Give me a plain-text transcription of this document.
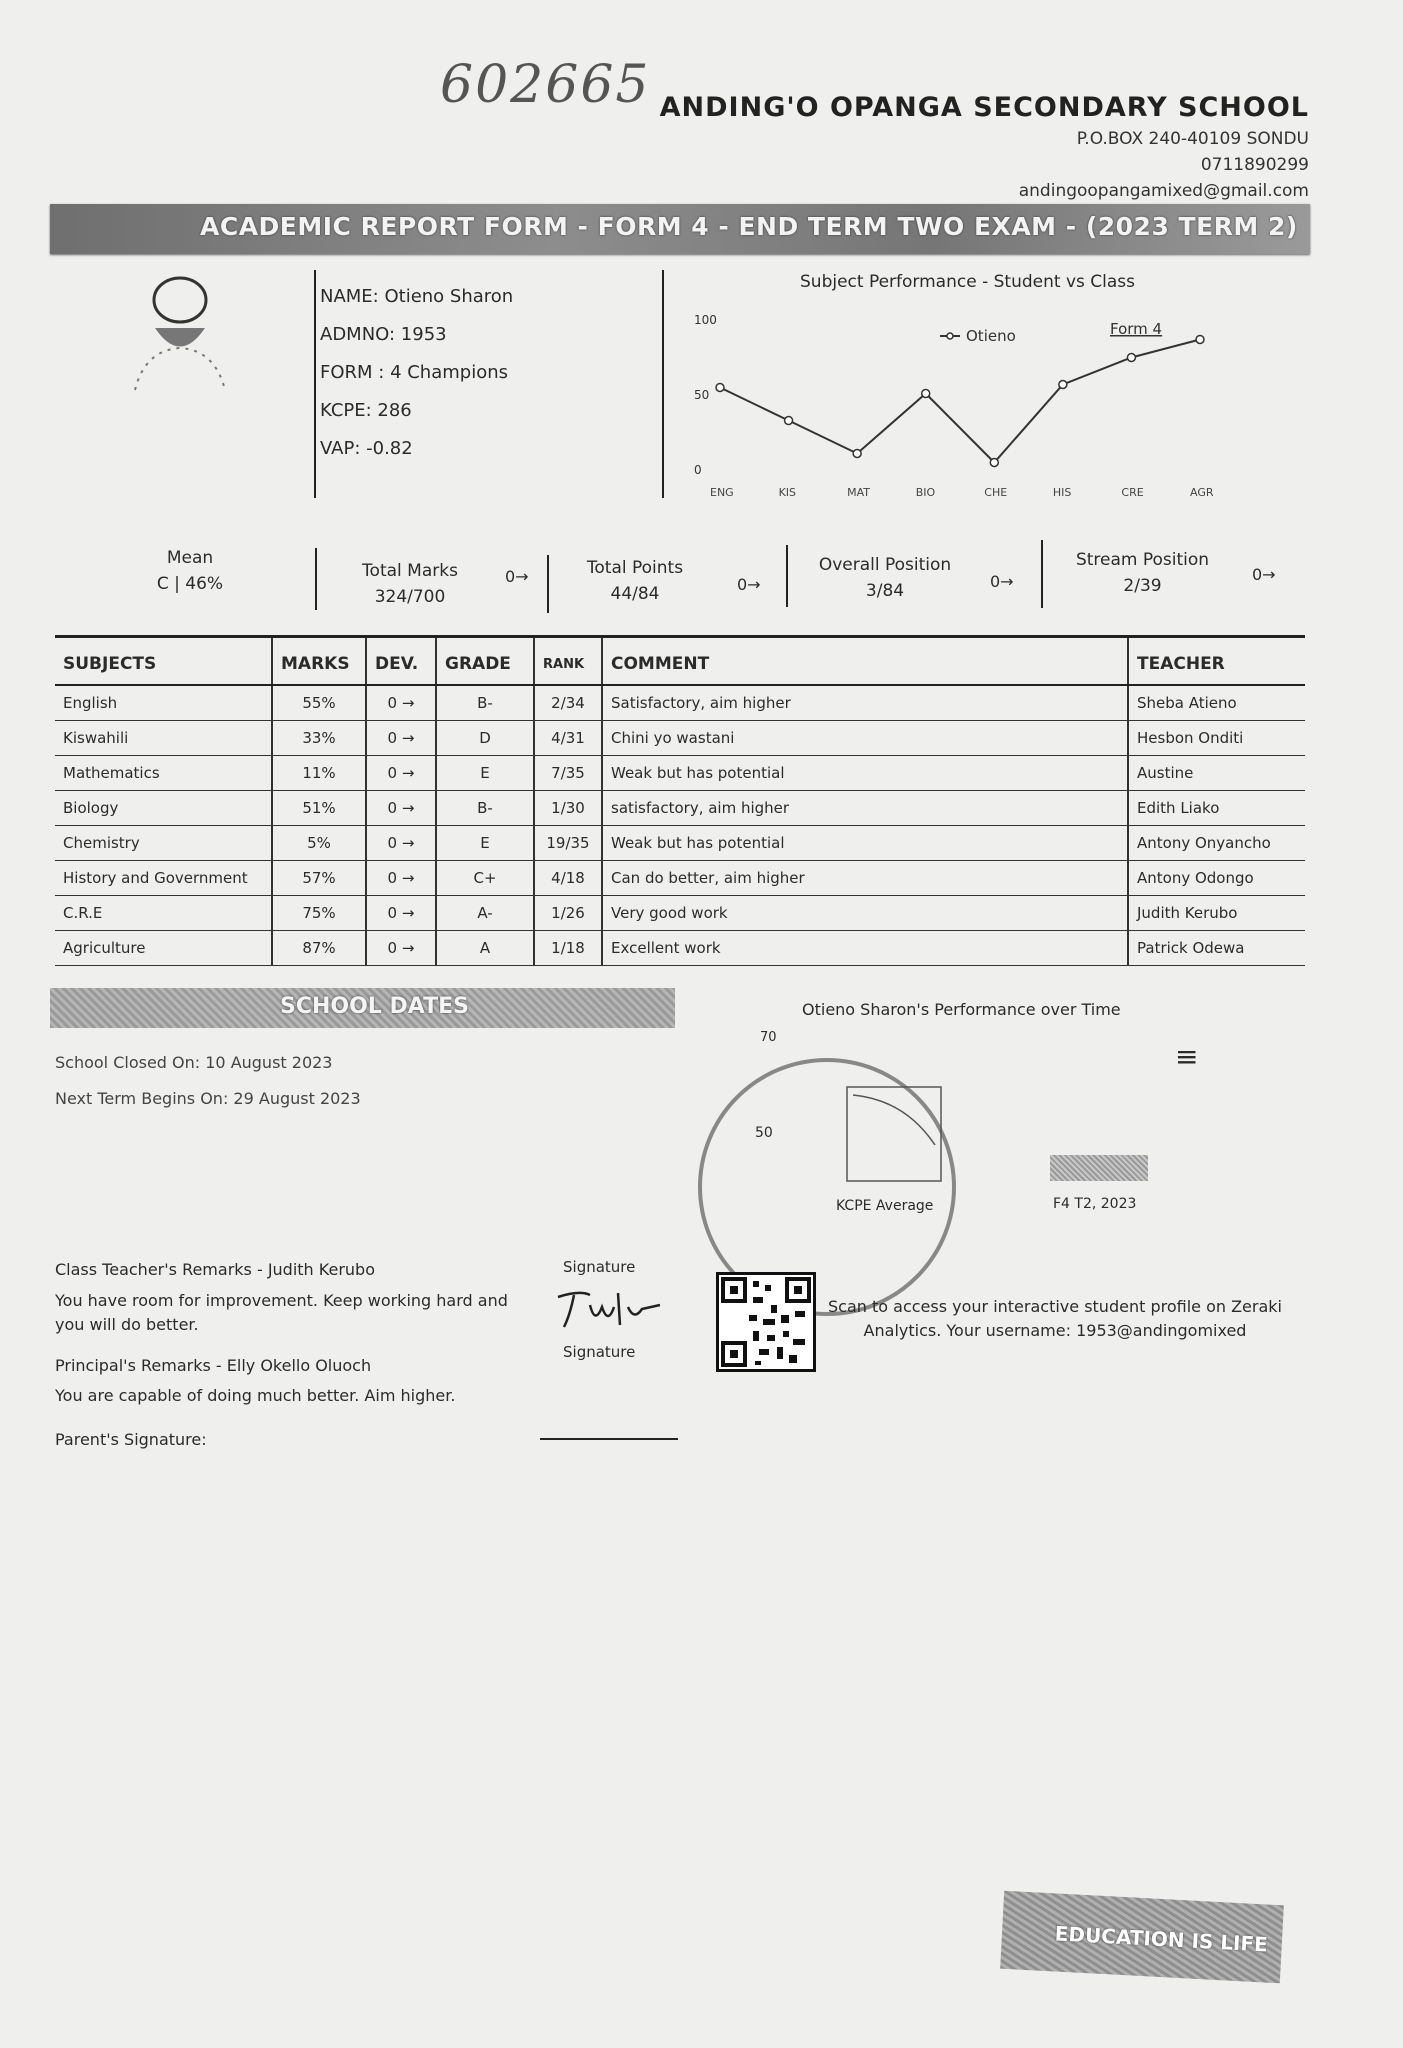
602665 ANDING'O OPANGA SECONDARY SCHOOL
P.O.BOX 240-40109 SONDU
0711890299
andingoopangamixed@gmail.com
ACADEMIC REPORT FORM - FORM 4 - END TERM TWO EXAM - (2023 TERM 2)
NAME: Otieno Sharon
ADMNO: 1953
FORM : 4 Champions
KCPE: 286
VAP: -0.82
Subject Performance - Student vs Class
0
50
100
ENG	KIS	MAT	BIO	CHE	HIS	CRE	AGR
Otieno	Form 4
Mean
C | 46%
Total Marks
324/700
0→	Total Points
44/84	0→
Overall Position
3/84	0→
Stream Position
2/39
0→
SUBJECTS	MARKS	DEV.	GRADE	RANK	COMMENT	TEACHER
English	55%	0 →	B-	2/34	Satisfactory, aim higher	Sheba Atieno
Kiswahili	33%	0 →	D	4/31	Chini yo wastani	Hesbon Onditi
Mathematics	11%	0 →	E	7/35	Weak but has potential	Austine
Biology	51%	0 →	B-	1/30	satisfactory, aim higher	Edith Liako
Chemistry	5%	0 →	E	19/35	Weak but has potential	Antony Onyancho
History and Government	57%	0 →	C+	4/18	Can do better, aim higher	Antony Odongo
C.R.E	75%	0 →	A-	1/26	Very good work	Judith Kerubo
Agriculture	87%	0 →	A	1/18	Excellent work	Patrick Odewa
SCHOOL DATES
School Closed On: 10 August 2023
Next Term Begins On: 29 August 2023
Otieno Sharon's Performance over Time
≡
70
50
KCPE Average	F4 T2, 2023
Class Teacher's Remarks - Judith Kerubo
You have room for improvement. Keep working hard and you will do better.
Principal's Remarks - Elly Okello Oluoch
You are capable of doing much better. Aim higher.
Parent's Signature:
Signature
Signature
Scan to access your interactive student profile on Zeraki Analytics. Your username: 1953@andingomixed
EDUCATION IS LIFE
